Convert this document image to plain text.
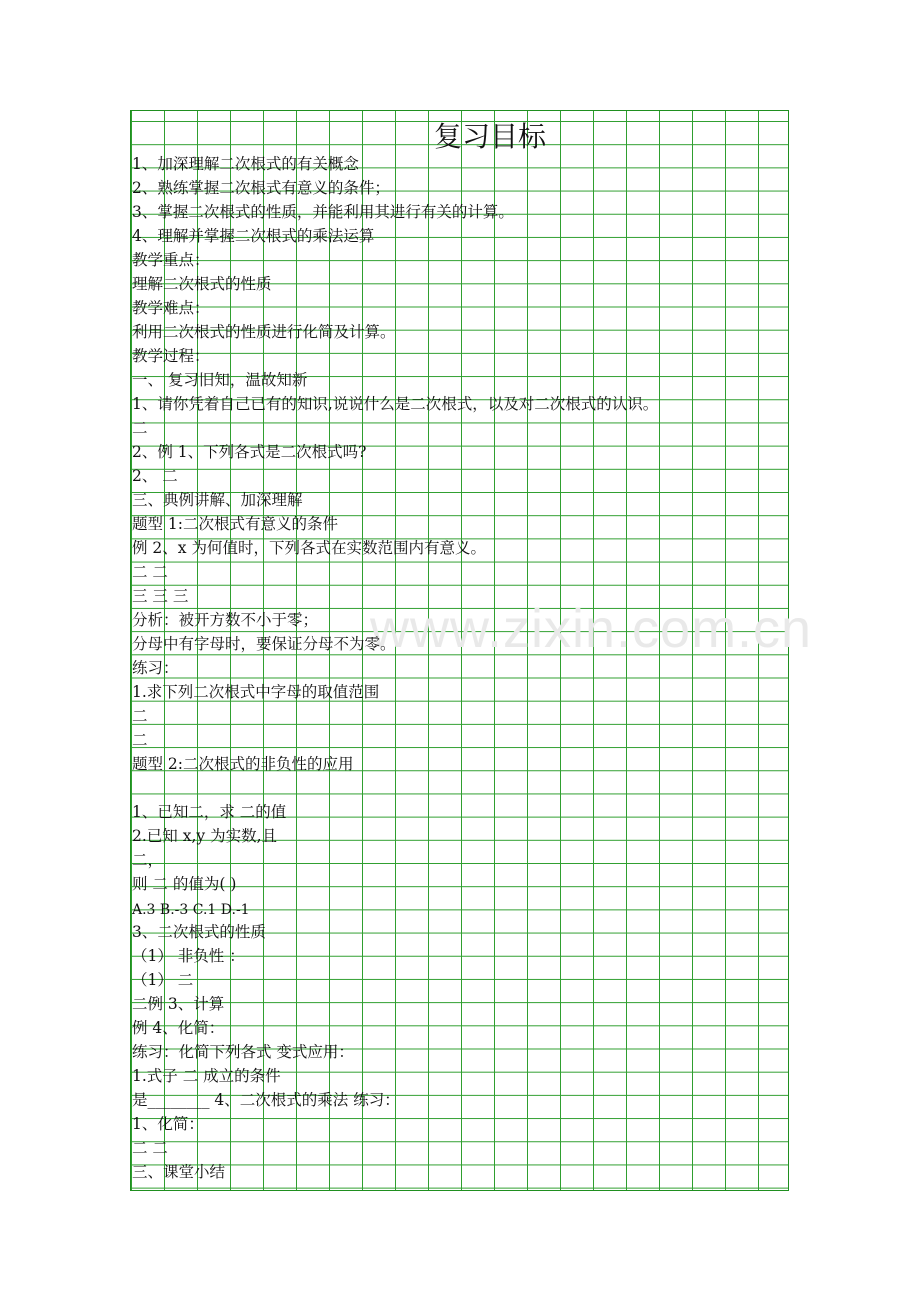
www.zixin.com.cn
复习目标
1、加深理解二次根式的有关概念
2、熟练掌握二次根式有意义的条件；
3、掌握二次根式的性质，并能利用其进行有关的计算。
4、理解并掌握二次根式的乘法运算
教学重点：
理解二次根式的性质
教学难点：
利用二次根式的性质进行化简及计算。
教学过程：
一、 复习旧知，温故知新
1、请你凭着自己已有的知识,说说什么是二次根式，以及对二次根式的认识。
二
2、例 1、下列各式是二次根式吗?
2、 二
三、典例讲解、加深理解
题型 1:二次根式有意义的条件
例 2、x 为何值时，下列各式在实数范围内有意义。
二 二
三 三 三
分析：被开方数不小于零；
分母中有字母时，要保证分母不为零。
练习：
1.求下列二次根式中字母的取值范围
二
二
题型 2:二次根式的非负性的应用
1、已知二，求 二的值
2.已知 x,y 为实数,且
二，
则 二 的值为( )
A.3 B.-3 C.1 D.-1
3、二次根式的性质
（1） 非负性 ：
（1） 二
二例 3、计算
例 4、化简：
练习：化简下列各式 变式应用：
1.式子 二 成立的条件
是________ 4、二次根式的乘法 练习：
1、化简：
二 二
三、课堂小结
